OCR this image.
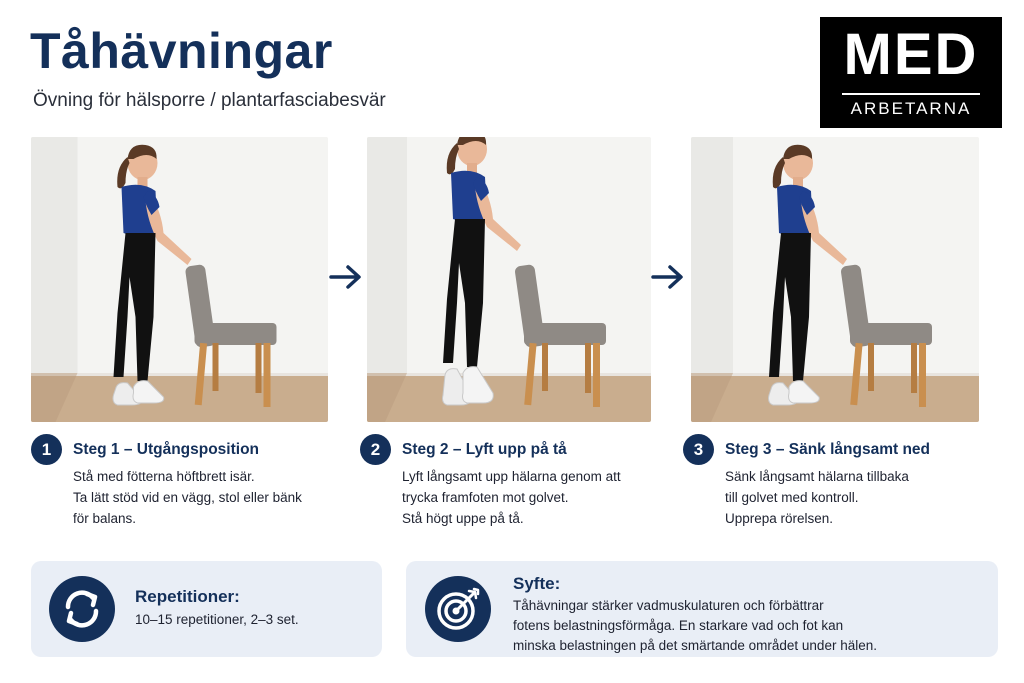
Tåhävningar
Övning för hälsporre / plantarfasciabesvär
MED
ARBETARNA
1	Steg 1 – Utgångsposition
Stå med fötterna höftbrett isär.
Ta lätt stöd vid en vägg, stol eller bänk
för balans.
2	Steg 2 – Lyft upp på tå
Lyft långsamt upp hälarna genom att
trycka framfoten mot golvet.
Stå högt uppe på tå.
3	Steg 3 – Sänk långsamt ned
Sänk långsamt hälarna tillbaka
till golvet med kontroll.
Upprepa rörelsen.
Repetitioner:
10–15 repetitioner, 2–3 set.
Syfte:
Tåhävningar stärker vadmuskulaturen och förbättrar
fotens belastningsförmåga. En starkare vad och fot kan
minska belastningen på det smärtande området under hälen.
